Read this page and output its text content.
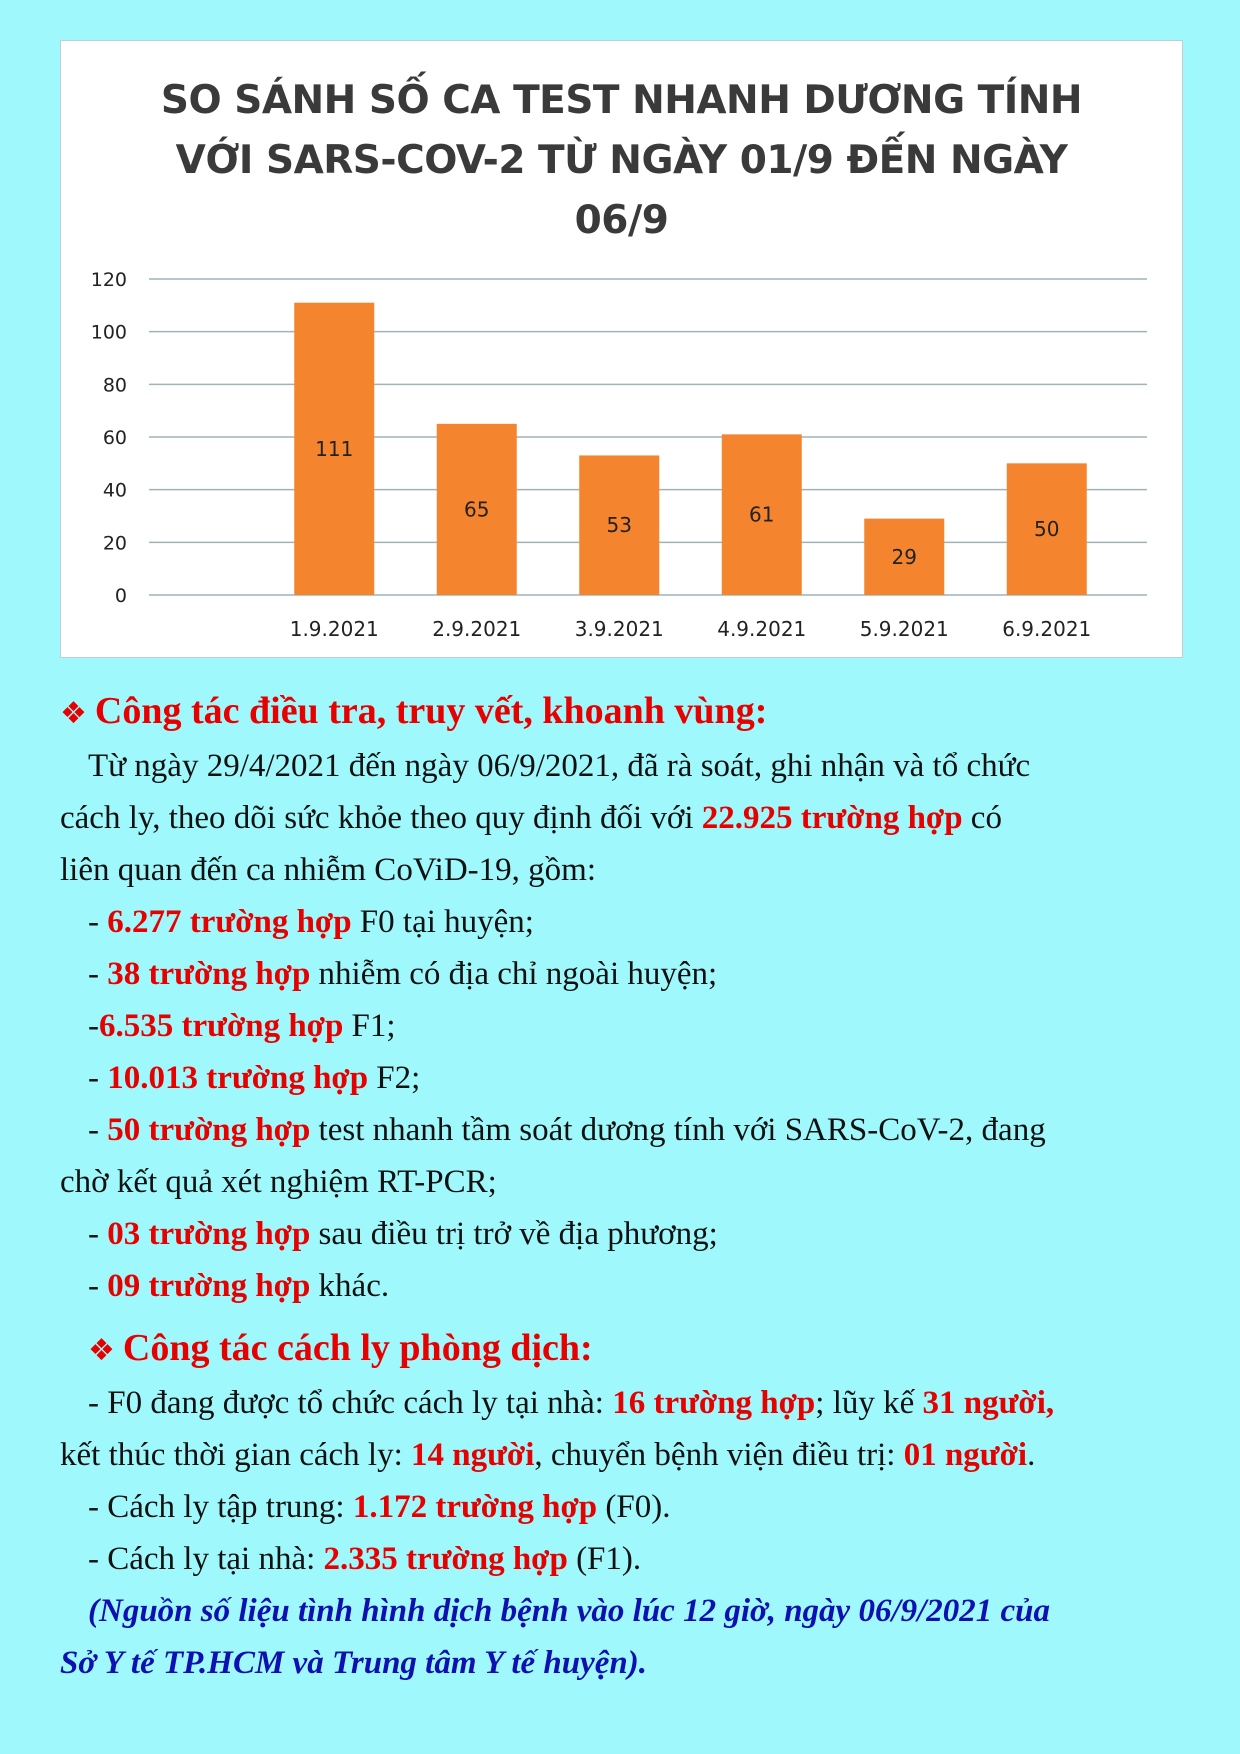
SO SÁNH SỐ CA TEST NHANH DƯƠNG TÍNH
VỚI SARS-COV-2 TỪ NGÀY 01/9 ĐẾN NGÀY
06/9
0
20
40
60
80
100
120
111
1.9.2021
65
2.9.2021
53
3.9.2021
61
4.9.2021
29
5.9.2021
50
6.9.2021
❖ Công tác điều tra, truy vết, khoanh vùng:
Từ ngày 29/4/2021 đến ngày 06/9/2021, đã rà soát, ghi nhận và tổ chức
cách ly, theo dõi sức khỏe theo quy định đối với 22.925 trường hợp có
liên quan đến ca nhiễm CoViD-19, gồm:
- 6.277 trường hợp F0 tại huyện;
- 38 trường hợp nhiễm có địa chỉ ngoài huyện;
-6.535 trường hợp F1;
- 10.013 trường hợp F2;
- 50 trường hợp test nhanh tầm soát dương tính với SARS-CoV-2, đang
chờ kết quả xét nghiệm RT-PCR;
- 03 trường hợp sau điều trị trở về địa phương;
- 09 trường hợp khác.
❖ Công tác cách ly phòng dịch:
- F0 đang được tổ chức cách ly tại nhà: 16 trường hợp; lũy kế 31 người,
kết thúc thời gian cách ly: 14 người, chuyển bệnh viện điều trị: 01 người.
- Cách ly tập trung: 1.172 trường hợp (F0).
- Cách ly tại nhà: 2.335 trường hợp (F1).
(Nguồn số liệu tình hình dịch bệnh vào lúc 12 giờ, ngày 06/9/2021 của
Sở Y tế TP.HCM và Trung tâm Y tế huyện).
